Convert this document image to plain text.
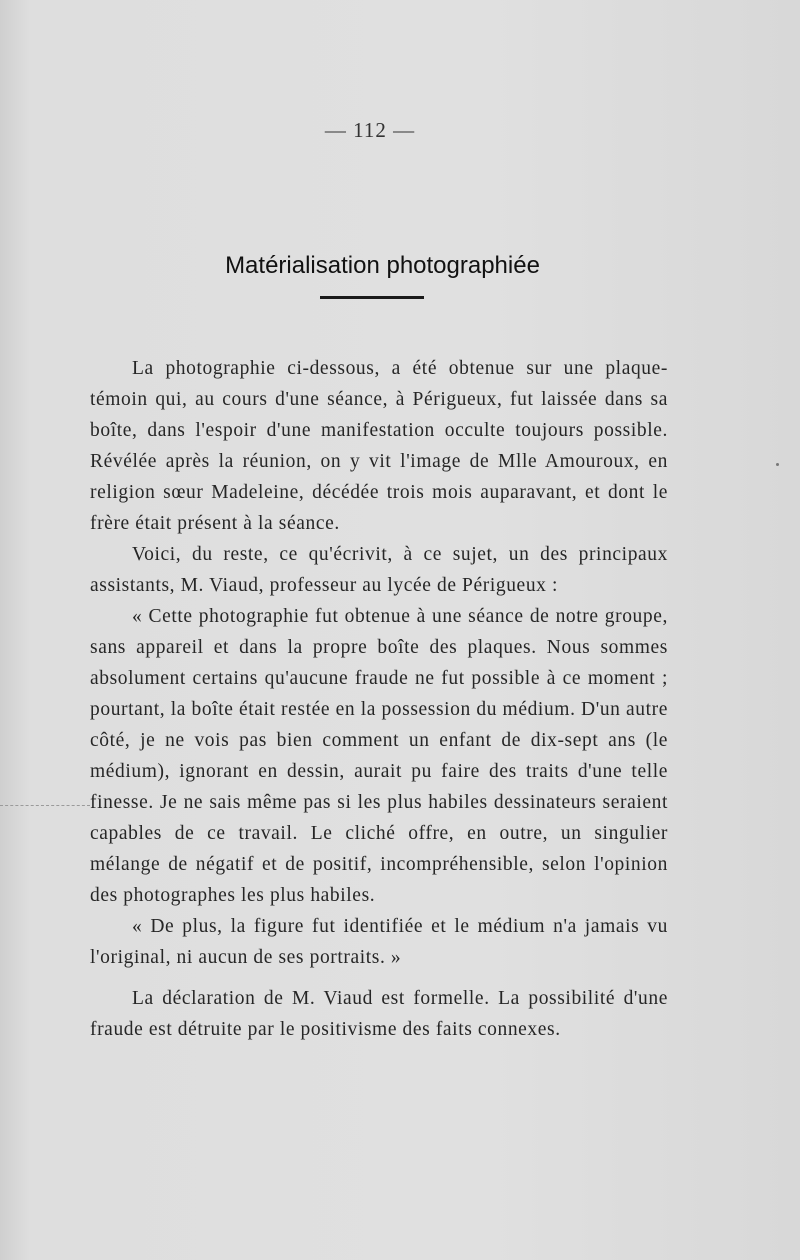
— 112 —
Matérialisation photographiée

La photographie ci-dessous, a été obtenue sur une plaque-témoin qui, au cours d'une séance, à Périgueux, fut laissée dans sa boîte, dans l'espoir d'une manifestation occulte toujours possible. Révélée après la réunion, on y vit l'image de Mlle Amouroux, en religion sœur Madeleine, décédée trois mois auparavant, et dont le frère était présent à la séance.

Voici, du reste, ce qu'écrivit, à ce sujet, un des principaux assistants, M. Viaud, professeur au lycée de Périgueux :

« Cette photographie fut obtenue à une séance de notre groupe, sans appareil et dans la propre boîte des plaques. Nous sommes absolument certains qu'aucune fraude ne fut possible à ce moment ; pourtant, la boîte était restée en la possession du médium. D'un autre côté, je ne vois pas bien comment un enfant de dix-sept ans (le médium), ignorant en dessin, aurait pu faire des traits d'une telle finesse. Je ne sais même pas si les plus habiles dessinateurs seraient capables de ce travail. Le cliché offre, en outre, un singulier mélange de négatif et de positif, incompréhensible, selon l'opinion des photographes les plus habiles.

« De plus, la figure fut identifiée et le médium n'a jamais vu l'original, ni aucun de ses portraits. »

La déclaration de M. Viaud est formelle. La possibilité d'une fraude est détruite par le positivisme des faits connexes.
